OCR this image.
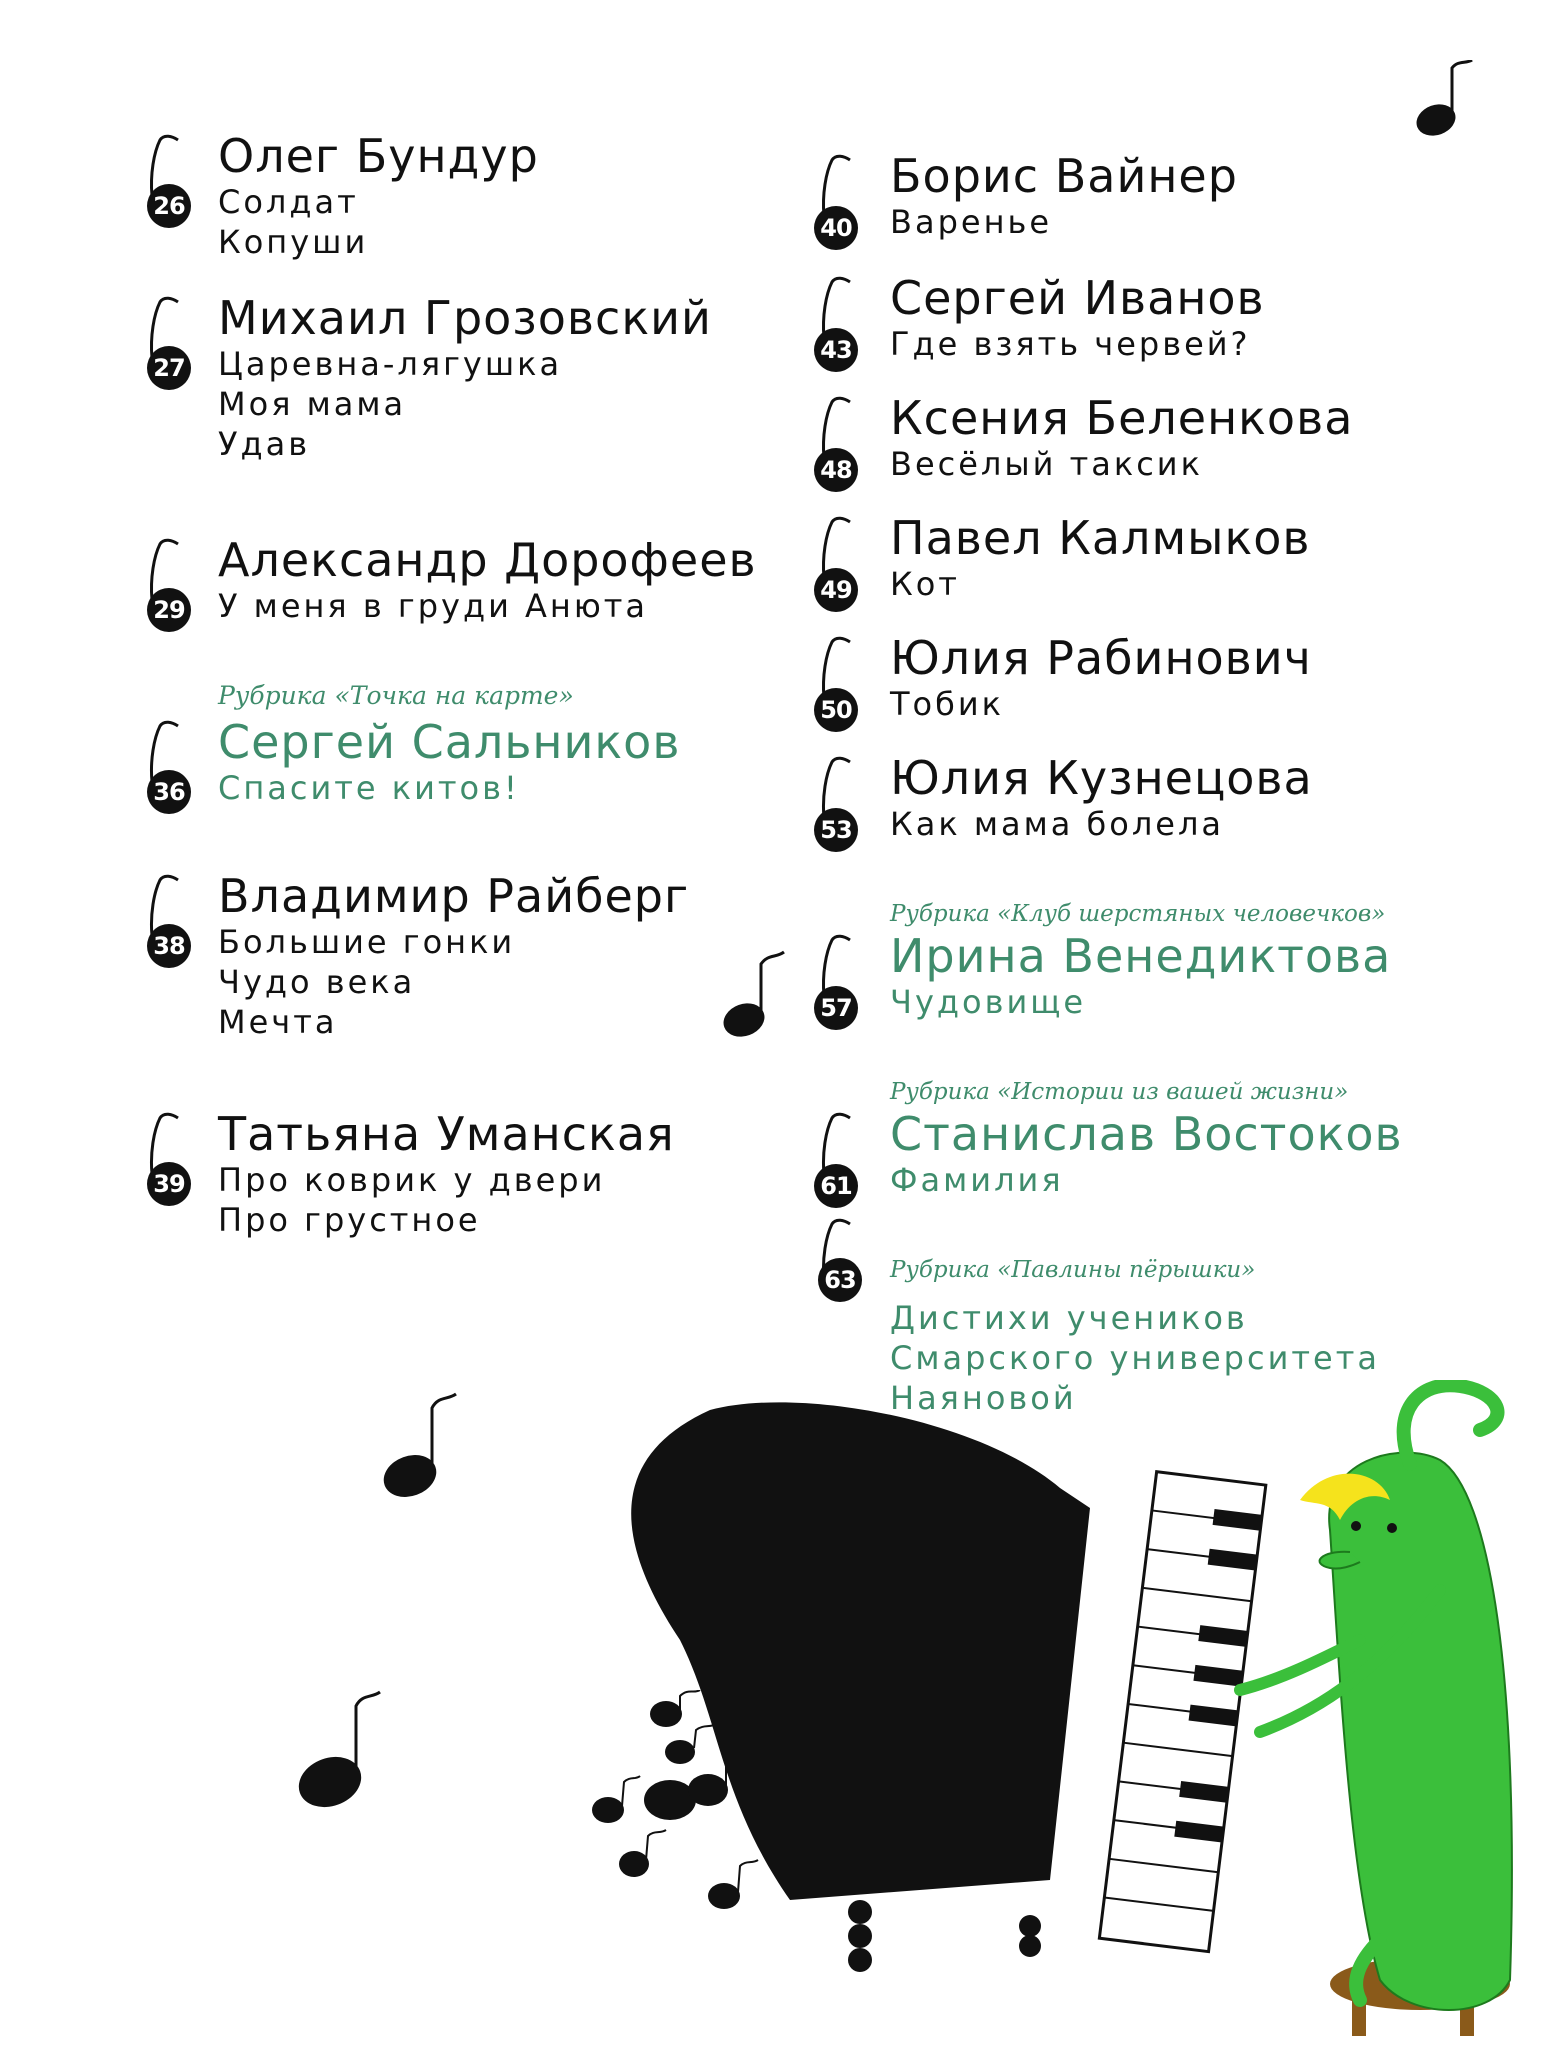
26
Олег Бундур
Солдат
Копуши
27
Михаил Грозовский
Царевна-лягушка
Моя мама
Удав
29
Александр Дорофеев
У меня в груди Анюта
Рубрика «Точка на карте»
36
Сергей Сальников
Спасите китов!
38
Владимир Райберг
Большие гонки
Чудо века
Мечта
39
Татьяна Уманская
Про коврик у двери
Про грустное
40
Борис Вайнер
Варенье
43
Сергей Иванов
Где взять червей?
48
Ксения Беленкова
Весёлый таксик
49
Павел Калмыков
Кот
50
Юлия Рабинович
Тобик
53
Юлия Кузнецова
Как мама болела
Рубрика «Клуб шерстяных человечков»
57
Ирина Венедиктова
Чудовище
Рубрика «Истории из вашей жизни»
61
Станислав Востоков
Фамилия
63 Рубрика «Павлины пёрышки»
Дистихи учеников
Смарского университета
Наяновой
